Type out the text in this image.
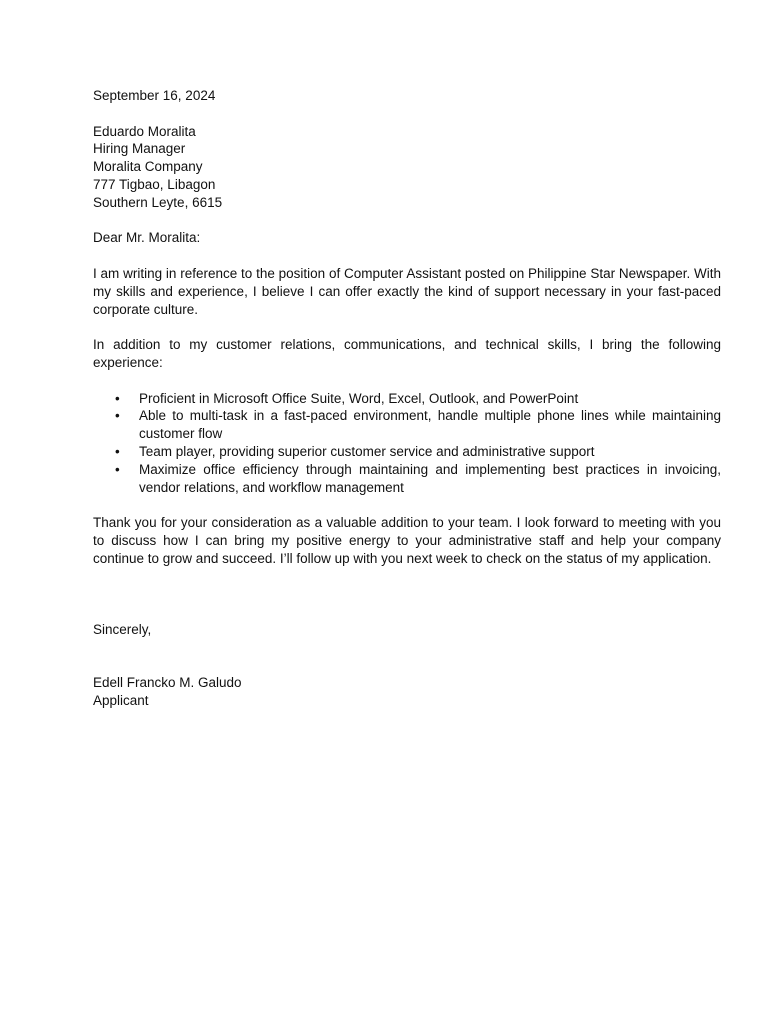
September 16, 2024
Eduardo Moralita
Hiring Manager
Moralita Company
777 Tigbao, Libagon
Southern Leyte, 6615
Dear Mr. Moralita:

I am writing in reference to the position of Computer Assistant posted on Philippine Star Newspaper. With my skills and experience, I believe I can offer exactly the kind of support necessary in your fast-paced corporate culture.

In addition to my customer relations, communications, and technical skills, I bring the following experience:

•	Proficient in Microsoft Office Suite, Word, Excel, Outlook, and PowerPoint
•	Able to multi-task in a fast-paced environment, handle multiple phone lines while maintaining customer flow
•	Team player, providing superior customer service and administrative support
•	Maximize office efficiency through maintaining and implementing best practices in invoicing, vendor relations, and workflow management

Thank you for your consideration as a valuable addition to your team. I look forward to meeting with you to discuss how I can bring my positive energy to your administrative staff and help your company continue to grow and succeed. I’ll follow up with you next week to check on the status of my application.

Sincerely,
Edell Francko M. Galudo
Applicant
